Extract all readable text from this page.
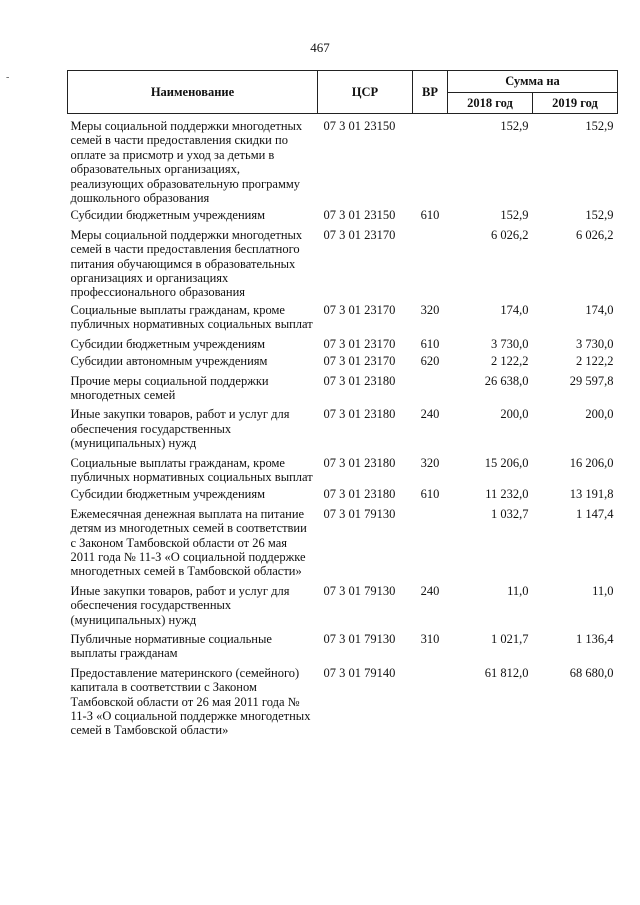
467
-
Наименование	ЦСР	ВР	Сумма на	
			2018 год	2019 год
Меры социальной поддержки многодетных семей в части предоставления скидки по оплате за присмотр и уход за детьми в образовательных организациях, реализующих образовательную программу дошкольного образования	07 3 01 23150		152,9	152,9
Субсидии бюджетным учреждениям	07 3 01 23150	610	152,9	152,9
Меры социальной поддержки многодетных семей в части предоставления бесплатного питания обучающимся в образовательных организациях и организациях профессионального образования	07 3 01 23170		6 026,2	6 026,2
Социальные выплаты гражданам, кроме публичных нормативных социальных выплат	07 3 01 23170	320	174,0	174,0
Субсидии бюджетным учреждениям	07 3 01 23170	610	3 730,0	3 730,0
Субсидии автономным учреждениям	07 3 01 23170	620	2 122,2	2 122,2
Прочие меры социальной поддержки многодетных семей	07 3 01 23180		26 638,0	29 597,8
Иные закупки товаров, работ и услуг для обеспечения государственных (муниципальных) нужд	07 3 01 23180	240	200,0	200,0
Социальные выплаты гражданам, кроме публичных нормативных социальных выплат	07 3 01 23180	320	15 206,0	16 206,0
Субсидии бюджетным учреждениям	07 3 01 23180	610	11 232,0	13 191,8
Ежемесячная денежная выплата на питание детям из многодетных семей в соответствии с Законом Тамбовской области от 26 мая 2011 года № 11-З «О социальной поддержке многодетных семей в Тамбовской области»	07 3 01 79130		1 032,7	1 147,4
Иные закупки товаров, работ и услуг для обеспечения государственных (муниципальных) нужд	07 3 01 79130	240	11,0	11,0
Публичные нормативные социальные выплаты гражданам	07 3 01 79130	310	1 021,7	1 136,4
Предоставление материнского (семейного) капитала в соответствии с Законом Тамбовской области от 26 мая 2011 года № 11-З «О социальной поддержке многодетных семей в Тамбовской области»	07 3 01 79140		61 812,0	68 680,0
